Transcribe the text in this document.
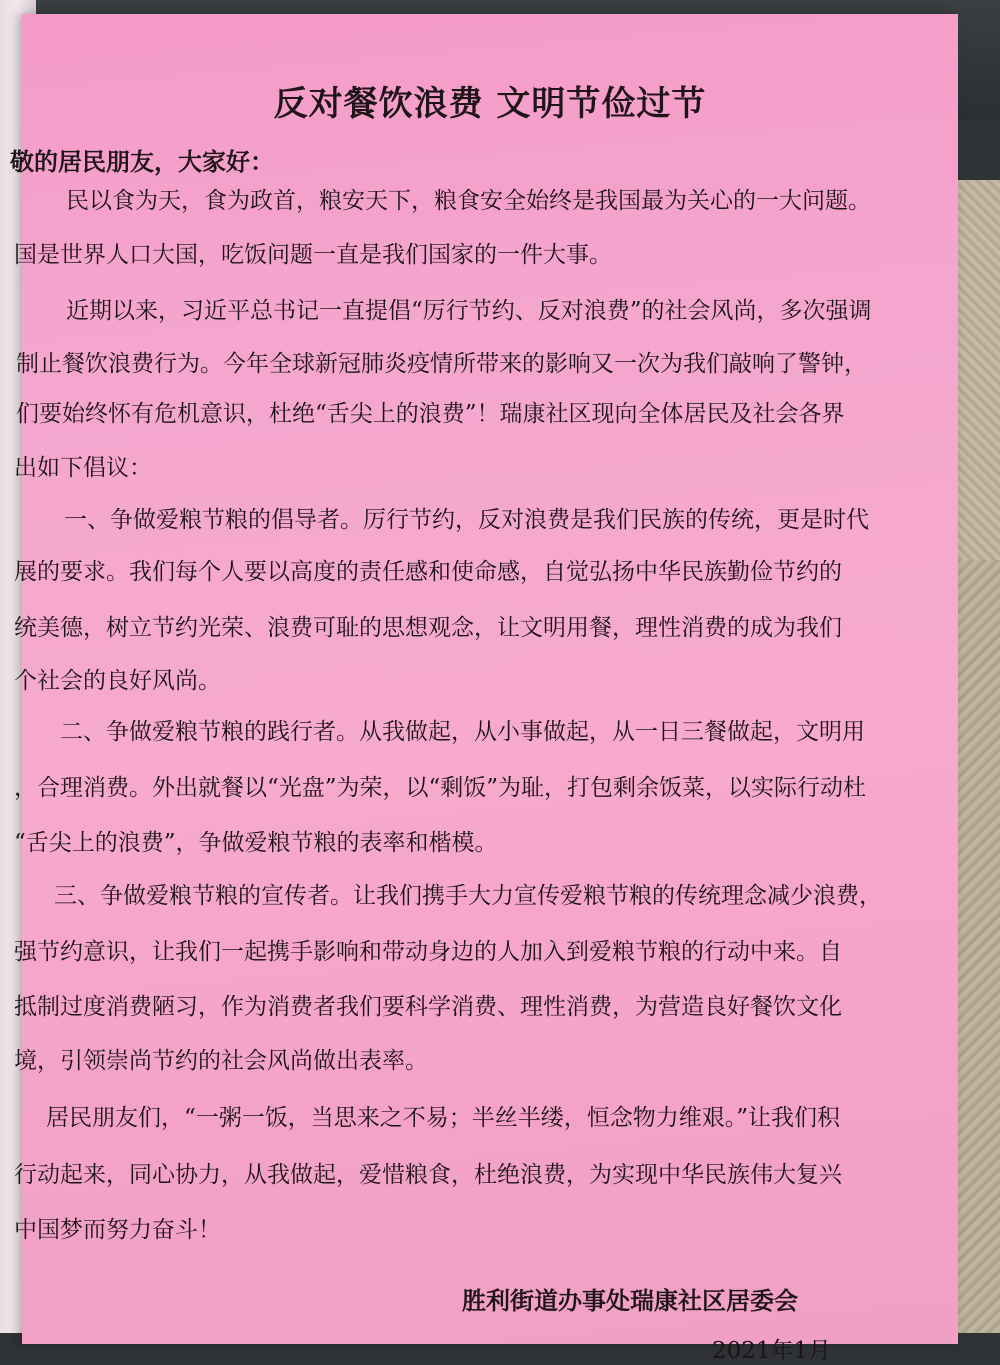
反对餐饮浪费 文明节俭过节
敬的居民朋友，大家好：
民以食为天，食为政首，粮安天下，粮食安全始终是我国最为关心的一大问题。
国是世界人口大国，吃饭问题一直是我们国家的一件大事。
近期以来，习近平总书记一直提倡“厉行节约、反对浪费”的社会风尚，多次强调
制止餐饮浪费行为。今年全球新冠肺炎疫情所带来的影响又一次为我们敲响了警钟，
们要始终怀有危机意识，杜绝“舌尖上的浪费”！瑞康社区现向全体居民及社会各界
出如下倡议：
一、争做爱粮节粮的倡导者。厉行节约，反对浪费是我们民族的传统，更是时代
展的要求。我们每个人要以高度的责任感和使命感，自觉弘扬中华民族勤俭节约的
统美德，树立节约光荣、浪费可耻的思想观念，让文明用餐，理性消费的成为我们
个社会的良好风尚。
二、争做爱粮节粮的践行者。从我做起，从小事做起，从一日三餐做起，文明用
，合理消费。外出就餐以“光盘”为荣，以“剩饭”为耻，打包剩余饭菜，以实际行动杜
“舌尖上的浪费”，争做爱粮节粮的表率和楷模。
三、争做爱粮节粮的宣传者。让我们携手大力宣传爱粮节粮的传统理念减少浪费，
强节约意识，让我们一起携手影响和带动身边的人加入到爱粮节粮的行动中来。自
抵制过度消费陋习，作为消费者我们要科学消费、理性消费，为营造良好餐饮文化
境，引领崇尚节约的社会风尚做出表率。
居民朋友们，“一粥一饭，当思来之不易；半丝半缕，恒念物力维艰。”让我们积
行动起来，同心协力，从我做起，爱惜粮食，杜绝浪费，为实现中华民族伟大复兴
中国梦而努力奋斗！
胜利街道办事处瑞康社区居委会
2021年1月
